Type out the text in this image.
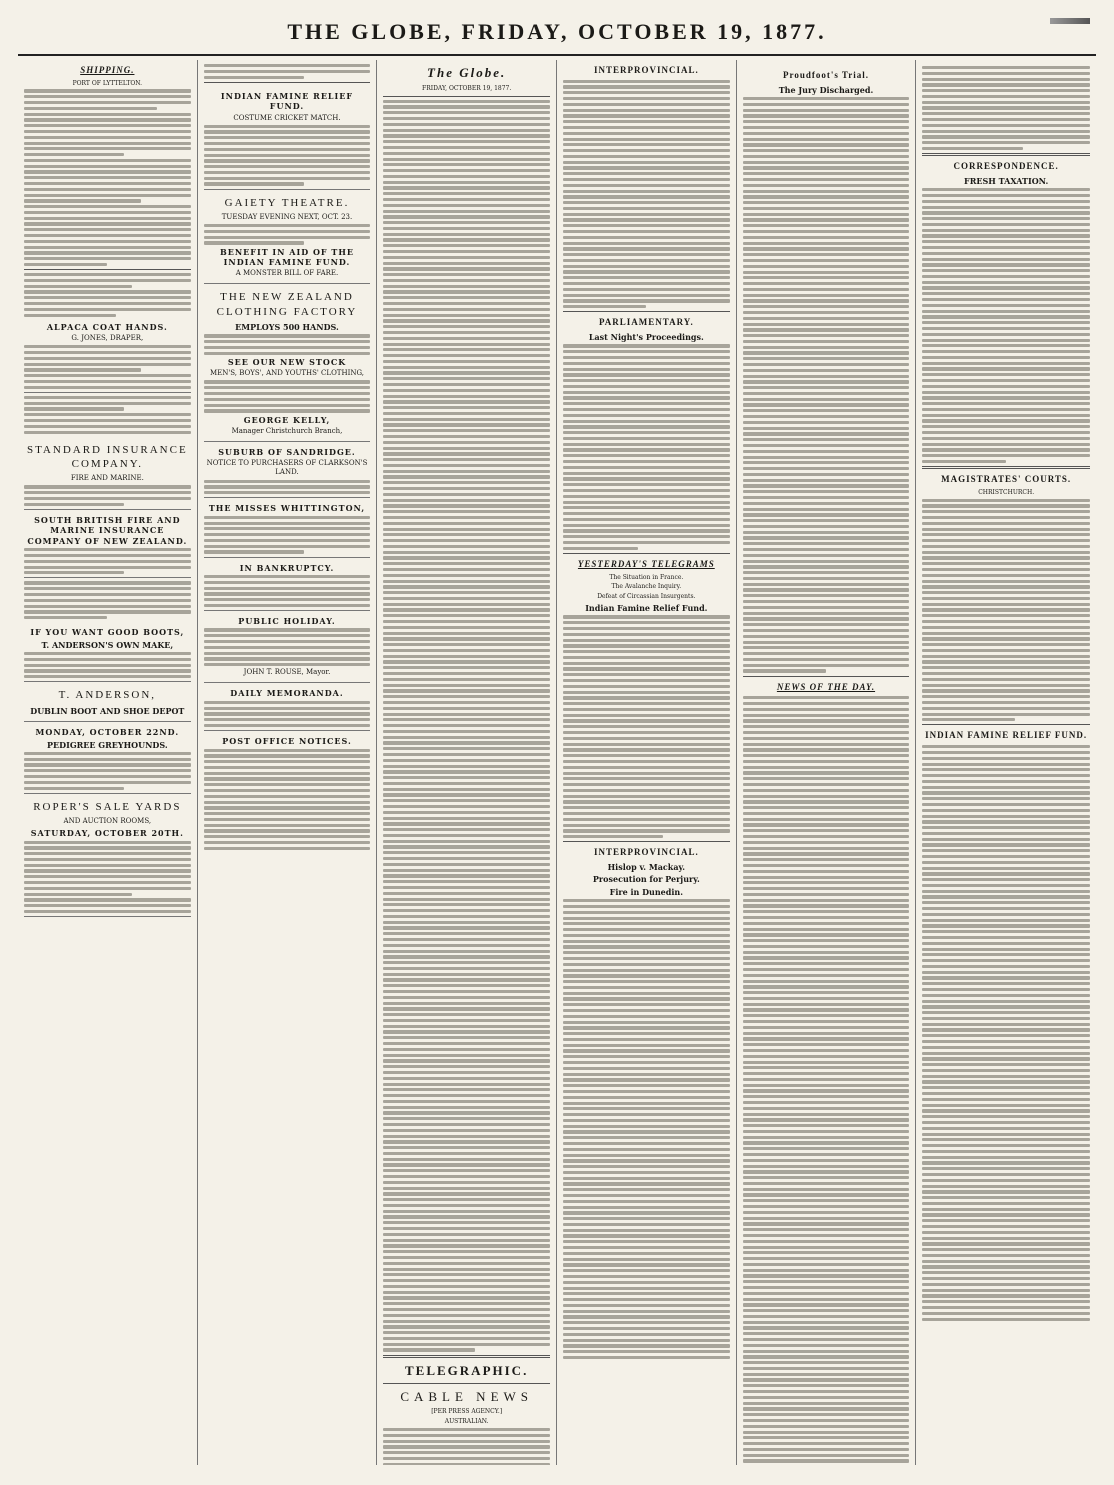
THE GLOBE, FRIDAY, OCTOBER 19, 1877.
SHIPPING.
PORT OF LYTTELTON.
ALPACA COAT HANDS.
G. JONES, DRAPER,
STANDARD INSURANCE COMPANY.
FIRE AND MARINE.
SOUTH BRITISH FIRE AND MARINE INSURANCE COMPANY OF NEW ZEALAND.
IF YOU WANT GOOD BOOTS,
T. ANDERSON'S OWN MAKE,
T. ANDERSON,
DUBLIN BOOT AND SHOE DEPOT
MONDAY, OCTOBER 22ND.
PEDIGREE GREYHOUNDS.
ROPER'S SALE YARDS
AND AUCTION ROOMS,
SATURDAY, OCTOBER 20TH.
INDIAN FAMINE RELIEF FUND.
COSTUME CRICKET MATCH.
GAIETY THEATRE.
TUESDAY EVENING NEXT, OCT. 23.
BENEFIT IN AID OF THE INDIAN FAMINE FUND.
A MONSTER BILL OF FARE.
THE NEW ZEALAND CLOTHING FACTORY
EMPLOYS 500 HANDS.
SEE OUR NEW STOCK
MEN'S, BOYS', AND YOUTHS' CLOTHING,
GEORGE KELLY,
Manager Christchurch Branch,
SUBURB OF SANDRIDGE.
NOTICE TO PURCHASERS OF CLARKSON'S LAND.
THE MISSES WHITTINGTON,
IN BANKRUPTCY.
PUBLIC HOLIDAY.
JOHN T. ROUSE, Mayor.
DAILY MEMORANDA.
POST OFFICE NOTICES.
The Globe.
FRIDAY, OCTOBER 19, 1877.
TELEGRAPHIC.
CABLE NEWS
[PER PRESS AGENCY.]
AUSTRALIAN.
INTERPROVINCIAL.
PARLIAMENTARY.
Last Night's Proceedings.
YESTERDAY'S TELEGRAMS
The Situation in France.
The Avalanche Inquiry.
Defeat of Circassian Insurgents.
Indian Famine Relief Fund.
INTERPROVINCIAL.
Hislop v. Mackay.
Prosecution for Perjury.
Fire in Dunedin.
Proudfoot's Trial.
The Jury Discharged.
NEWS OF THE DAY.
CORRESPONDENCE.
FRESH TAXATION.
MAGISTRATES' COURTS.
CHRISTCHURCH.
INDIAN FAMINE RELIEF FUND.
